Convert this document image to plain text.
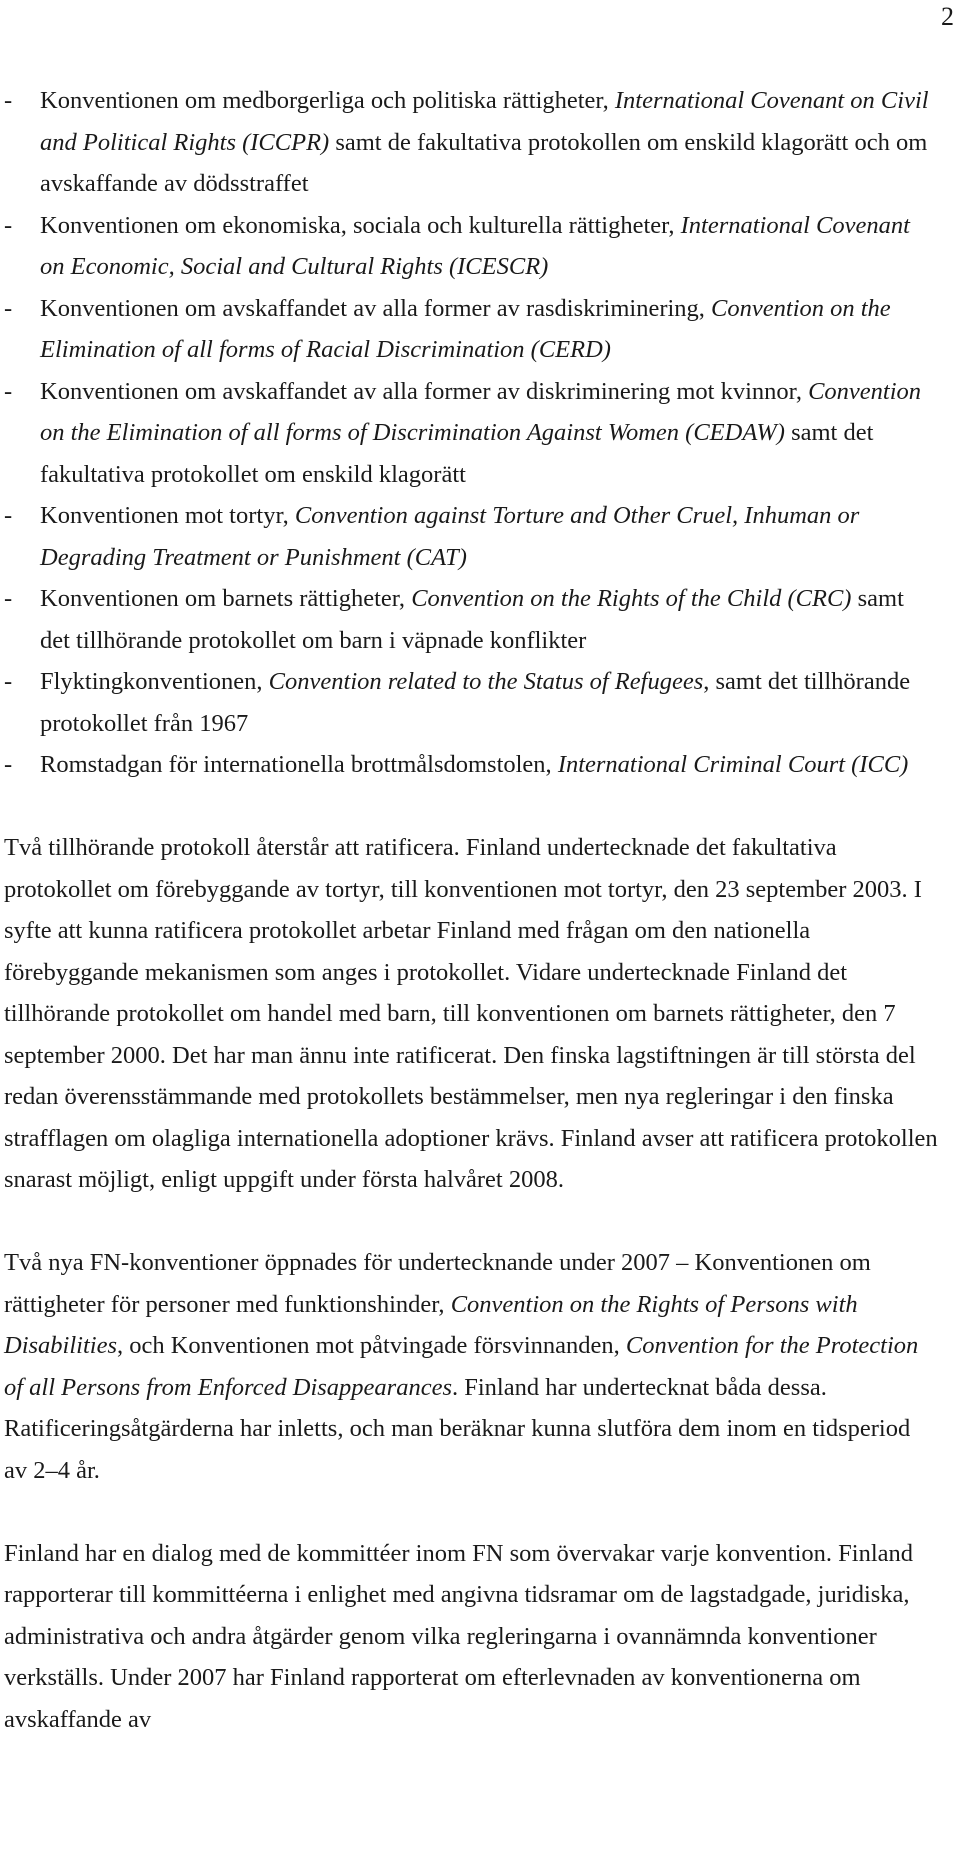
2
- Konventionen om medborgerliga och politiska rättigheter, International Covenant on Civil and Political Rights (ICCPR) samt de fakultativa protokollen om enskild klagorätt och om avskaffande av dödsstraffet
- Konventionen om ekonomiska, sociala och kulturella rättigheter, International Covenant on Economic, Social and Cultural Rights (ICESCR)
- Konventionen om avskaffandet av alla former av rasdiskriminering, Convention on the Elimination of all forms of Racial Discrimination (CERD)
- Konventionen om avskaffandet av alla former av diskriminering mot kvinnor, Convention on the Elimination of all forms of Discrimination Against Women (CEDAW) samt det fakultativa protokollet om enskild klagorätt
- Konventionen mot tortyr, Convention against Torture and Other Cruel, Inhuman or Degrading Treatment or Punishment (CAT)
- Konventionen om barnets rättigheter, Convention on the Rights of the Child (CRC) samt det tillhörande protokollet om barn i väpnade konflikter
- Flyktingkonventionen, Convention related to the Status of Refugees, samt det tillhörande protokollet från 1967
- Romstadgan för internationella brottmålsdomstolen, International Criminal Court (ICC)

Två tillhörande protokoll återstår att ratificera. Finland undertecknade det fakultativa protokollet om förebyggande av tortyr, till konventionen mot tortyr, den 23 september 2003. I syfte att kunna ratificera protokollet arbetar Finland med frågan om den nationella förebyggande mekanismen som anges i protokollet. Vidare undertecknade Finland det tillhörande protokollet om handel med barn, till konventionen om barnets rättigheter, den 7 september 2000. Det har man ännu inte ratificerat. Den finska lagstiftningen är till största del redan överensstämmande med protokollets bestämmelser, men nya regleringar i den finska strafflagen om olagliga internationella adoptioner krävs. Finland avser att ratificera protokollen snarast möjligt, enligt uppgift under första halvåret 2008.

Två nya FN-konventioner öppnades för undertecknande under 2007 – Konventionen om rättigheter för personer med funktionshinder, Convention on the Rights of Persons with Disabilities, och Konventionen mot påtvingade försvinnanden, Convention for the Protection of all Persons from Enforced Disappearances. Finland har undertecknat båda dessa. Ratificeringsåtgärderna har inletts, och man beräknar kunna slutföra dem inom en tidsperiod av 2–4 år.

Finland har en dialog med de kommittéer inom FN som övervakar varje konvention. Finland rapporterar till kommittéerna i enlighet med angivna tidsramar om de lagstadgade, juridiska, administrativa och andra åtgärder genom vilka regleringarna i ovannämnda konventioner verkställs. Under 2007 har Finland rapporterat om efterlevnaden av konventionerna om avskaffande av
